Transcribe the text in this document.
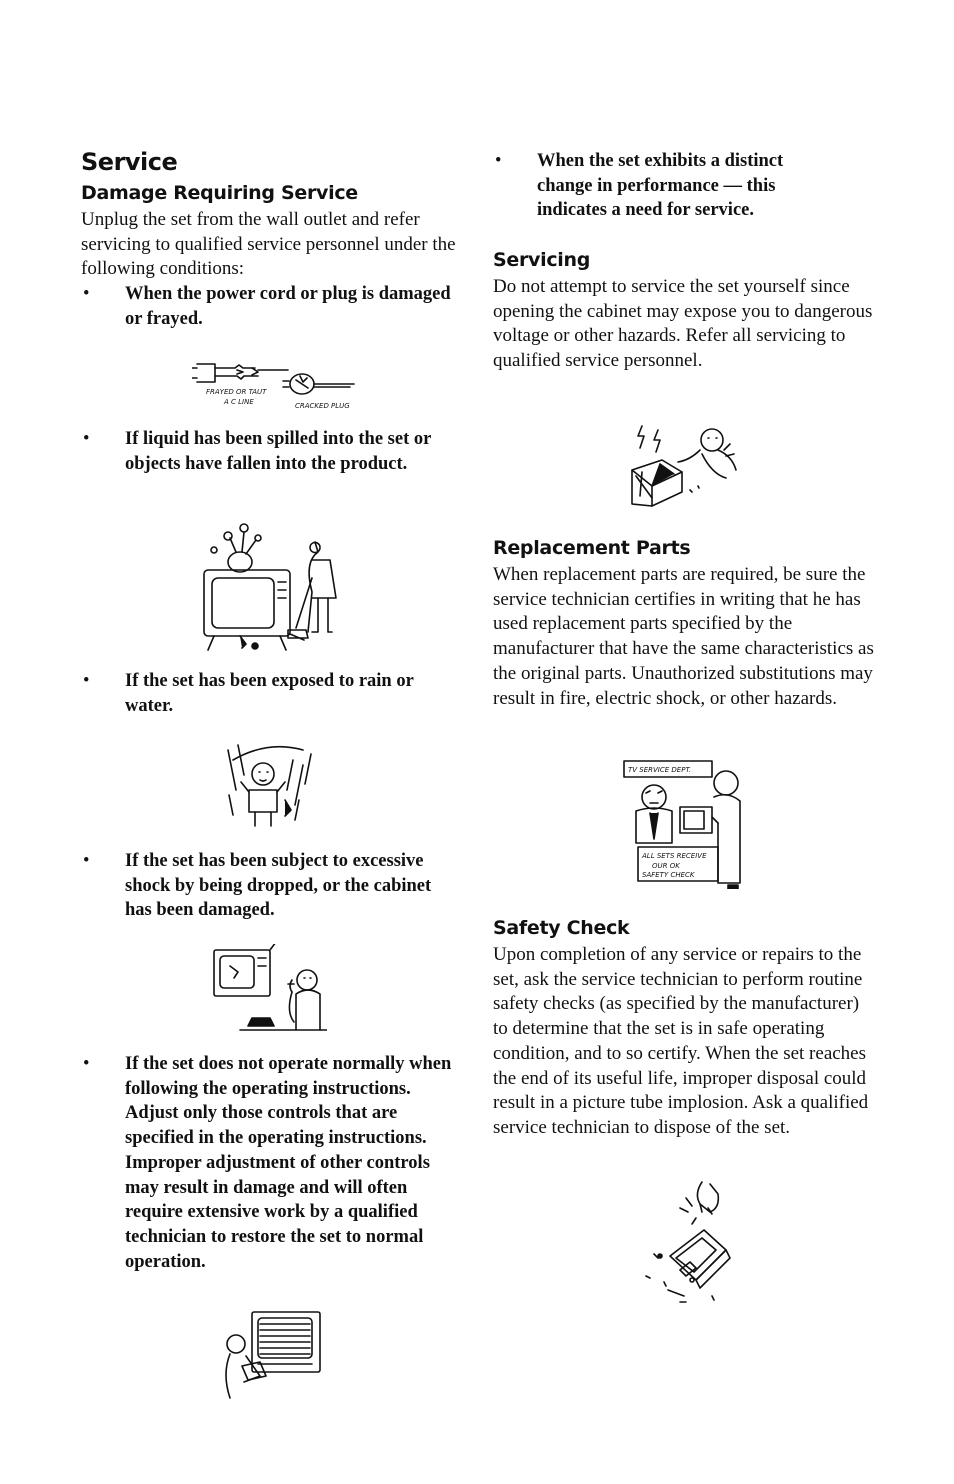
Service
Damage Requiring Service

Unplug the set from the wall outlet and refer servicing to qualified service personnel under the following conditions:

•	When the power cord or plug is damaged or frayed.
FRAYED OR TAUT
A C LINE	CRACKED PLUG
•	If liquid has been spilled into the set or objects have fallen into the product.
•	If the set has been exposed to rain or water.
•	If the set has been subject to excessive shock by being dropped, or the cabinet has been damaged.
•	If the set does not operate normally when following the operating instructions. Adjust only those controls that are specified in the operating instructions. Improper adjustment of other controls may result in damage and will often require extensive work by a qualified technician to restore the set to normal operation.
•	When the set exhibits a distinct change in performance — this indicates a need for service.
Servicing

Do not attempt to service the set yourself since opening the cabinet may expose you to dangerous voltage or other hazards. Refer all servicing to qualified service personnel.

Replacement Parts

When replacement parts are required, be sure the service technician certifies in writing that he has used replacement parts specified by the manufacturer that have the same characteristics as the original parts. Unauthorized substitutions may result in fire, electric shock, or other hazards.

TV SERVICE DEPT.
ALL SETS RECEIVE
OUR OK
SAFETY CHECK
Safety Check

Upon completion of any service or repairs to the set, ask the service technician to perform routine safety checks (as specified by the manufacturer) to determine that the set is in safe operating condition, and to so certify. When the set reaches the end of its useful life, improper disposal could result in a picture tube implosion. Ask a qualified service technician to dispose of the set.
